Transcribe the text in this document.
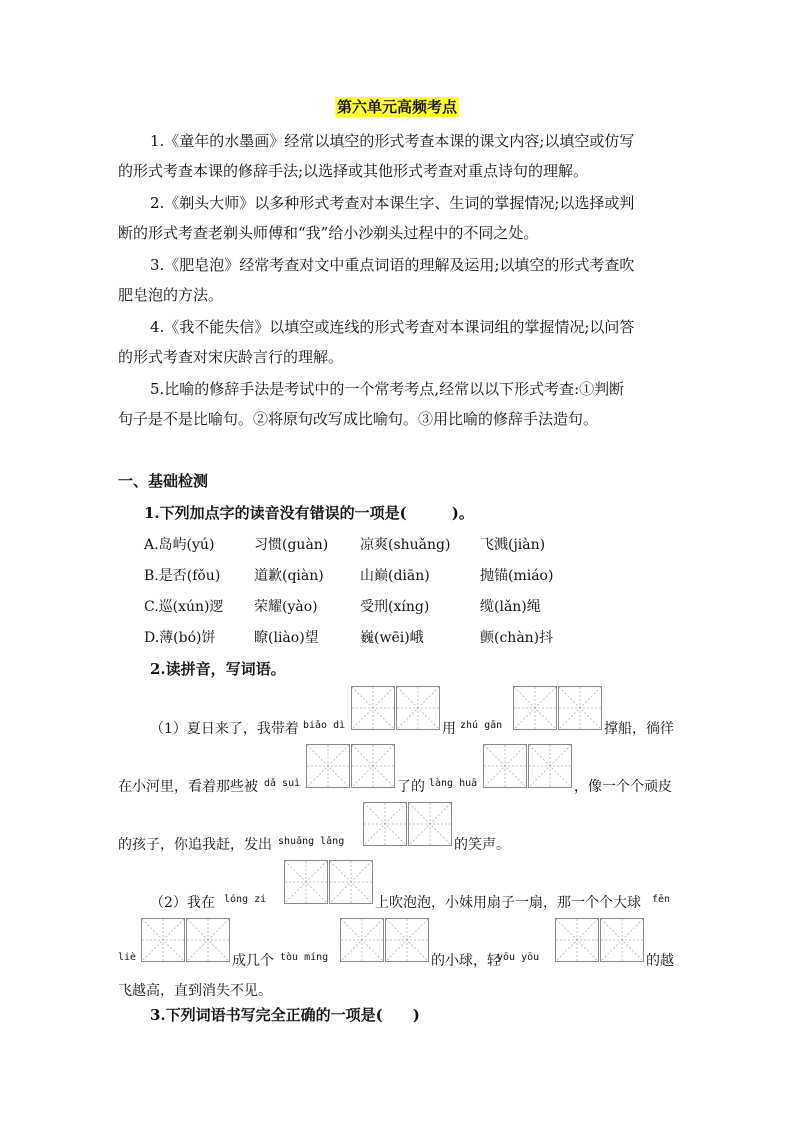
第六单元高频考点
1.《童年的水墨画》经常以填空的形式考查本课的课文内容;以填空或仿写
的形式考查本课的修辞手法;以选择或其他形式考查对重点诗句的理解。
2.《剃头大师》以多种形式考查对本课生字、生词的掌握情况;以选择或判
断的形式考查老剃头师傅和“我”给小沙剃头过程中的不同之处。
3.《肥皂泡》经常考查对文中重点词语的理解及运用;以填空的形式考查吹
肥皂泡的方法。
4.《我不能失信》以填空或连线的形式考查对本课词组的掌握情况;以问答
的形式考查对宋庆龄言行的理解。
5.比喻的修辞手法是考试中的一个常考考点,经常以以下形式考查:①判断
句子是不是比喻句。②将原句改写成比喻句。③用比喻的修辞手法造句。
一、基础检测
1.下列加点字的读音没有错误的一项是(　　　)。
A.岛屿(yú)	习惯(guàn) 凉爽(shuǎng) 飞溅(jiàn)
B.是否(fǒu) 道歉(qiàn)	山巅(diān)	抛锚(miáo)
C.巡(xún)逻 荣耀(yào)	受刑(xíng)	缆(lǎn)绳
D.薄(bó)饼	瞭(liào)望	巍(wēi)峨	颤(chàn)抖
2.读拼音，写词语。
（1）夏日来了，我带着 biǎo dì	用 zhú gān	撑船，徜徉
在小河里，看着那些被 dǎ suì	了的 làng huā	，像一个个顽皮
的孩子，你追我赶，发出 shuǎng lǎng	的笑声。
（2）我在 lóng zi	上吹泡泡，小妹用扇子一扇，那一个个大球 fēn
liè	成几个 tòu míng	的小球，轻
yōu yōu	的越
飞越高，直到消失不见。
3.下列词语书写完全正确的一项是(　　)
